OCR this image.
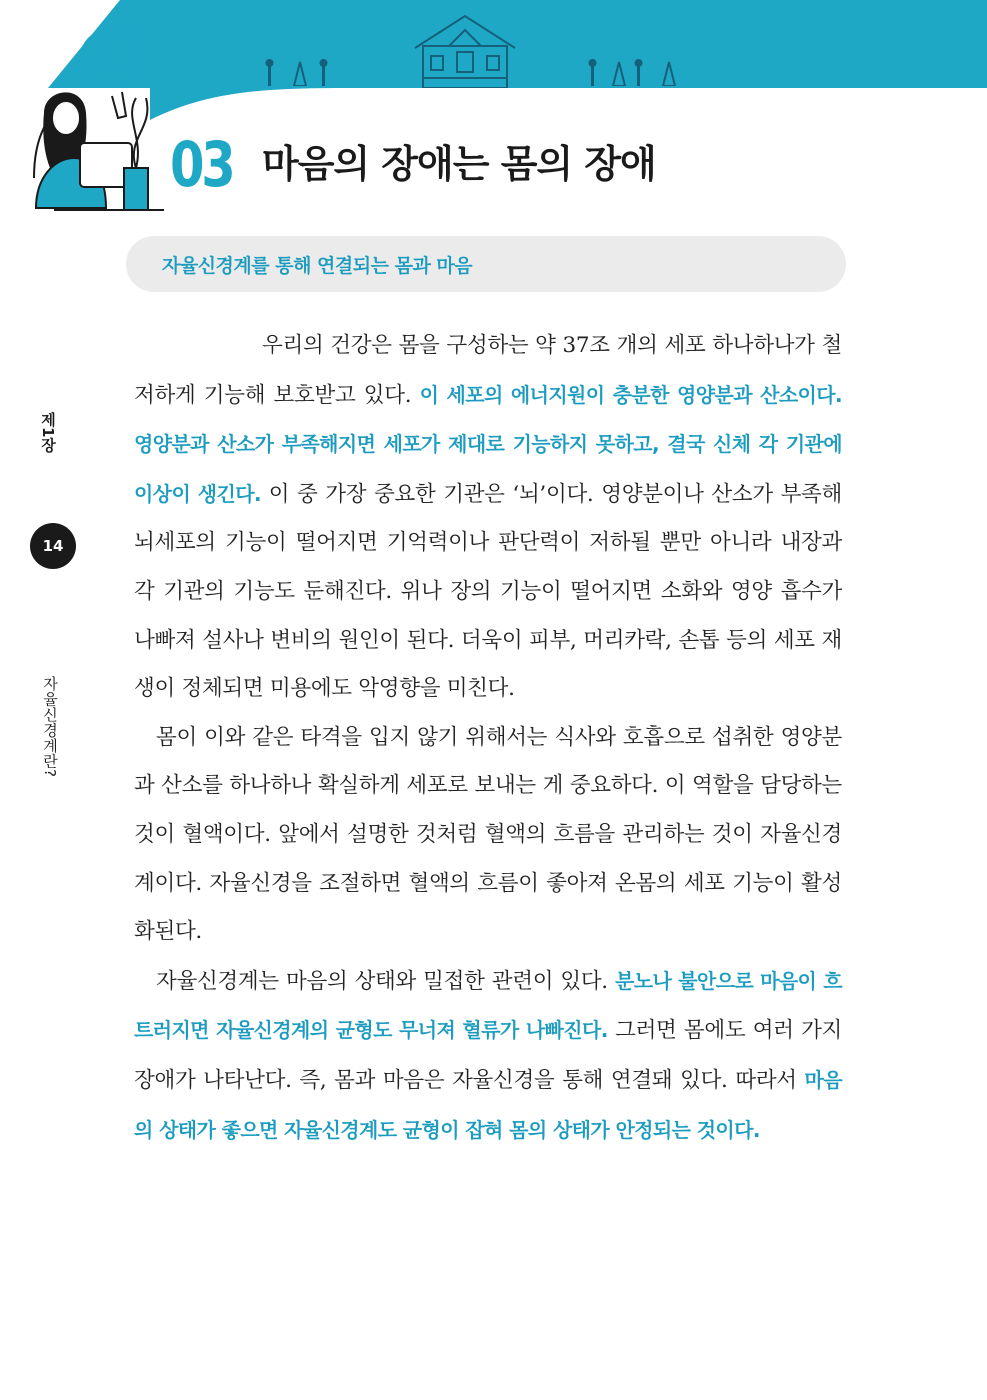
03 마음의 장애는 몸의 장애
자율신경계를 통해 연결되는 몸과 마음
제1장
14
자율신경계란?

우리의 건강은 몸을 구성하는 약 37조 개의 세포 하나하나가 철저하게 기능해 보호받고 있다. 이 세포의 에너지원이 충분한 영양분과 산소이다. 영양분과 산소가 부족해지면 세포가 제대로 기능하지 못하고, 결국 신체 각 기관에 이상이 생긴다. 이 중 가장 중요한 기관은 ‘뇌’이다. 영양분이나 산소가 부족해 뇌세포의 기능이 떨어지면 기억력이나 판단력이 저하될 뿐만 아니라 내장과 각 기관의 기능도 둔해진다. 위나 장의 기능이 떨어지면 소화와 영양 흡수가 나빠져 설사나 변비의 원인이 된다. 더욱이 피부, 머리카락, 손톱 등의 세포 재생이 정체되면 미용에도 악영향을 미친다.

몸이 이와 같은 타격을 입지 않기 위해서는 식사와 호흡으로 섭취한 영양분과 산소를 하나하나 확실하게 세포로 보내는 게 중요하다. 이 역할을 담당하는 것이 혈액이다. 앞에서 설명한 것처럼 혈액의 흐름을 관리하는 것이 자율신경계이다. 자율신경을 조절하면 혈액의 흐름이 좋아져 온몸의 세포 기능이 활성화된다.

자율신경계는 마음의 상태와 밀접한 관련이 있다. 분노나 불안으로 마음이 흐트러지면 자율신경계의 균형도 무너져 혈류가 나빠진다. 그러면 몸에도 여러 가지 장애가 나타난다. 즉, 몸과 마음은 자율신경을 통해 연결돼 있다. 따라서 마음의 상태가 좋으면 자율신경계도 균형이 잡혀 몸의 상태가 안정되는 것이다.
